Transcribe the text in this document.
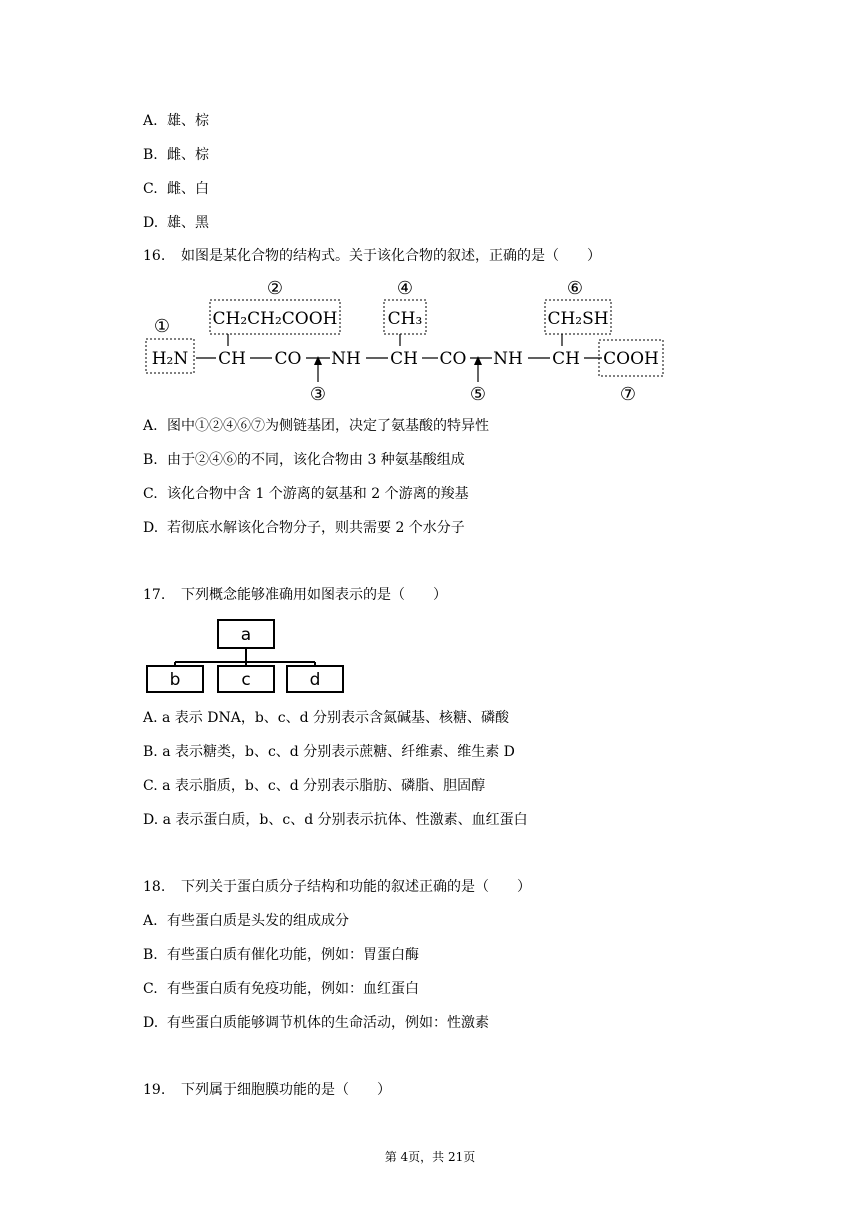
A. 雄、棕
B. 雌、棕
C. 雌、白
D. 雄、黑
16. 如图是某化合物的结构式。关于该化合物的叙述，正确的是（　　）
①
②
③
④
⑤
⑥
⑦
CH₂CH₂COOH	CH₃	CH₂SH
H₂N CH CO NH CH CO NH CH COOH
A. 图中①②④⑥⑦为侧链基团，决定了氨基酸的特异性
B. 由于②④⑥的不同，该化合物由 3 种氨基酸组成
C. 该化合物中含 1 个游离的氨基和 2 个游离的羧基
D. 若彻底水解该化合物分子，则共需要 2 个水分子
17. 下列概念能够准确用如图表示的是（　　）
a
b	c	d
A. a 表示 DNA，b、c、d 分别表示含氮碱基、核糖、磷酸
B. a 表示糖类，b、c、d 分别表示蔗糖、纤维素、维生素 D
C. a 表示脂质，b、c、d 分别表示脂肪、磷脂、胆固醇
D. a 表示蛋白质，b、c、d 分别表示抗体、性激素、血红蛋白
18. 下列关于蛋白质分子结构和功能的叙述正确的是（　　）
A. 有些蛋白质是头发的组成成分
B. 有些蛋白质有催化功能，例如：胃蛋白酶
C. 有些蛋白质有免疫功能，例如：血红蛋白
D. 有些蛋白质能够调节机体的生命活动，例如：性激素
19. 下列属于细胞膜功能的是（　　）
第 4页，共 21页
